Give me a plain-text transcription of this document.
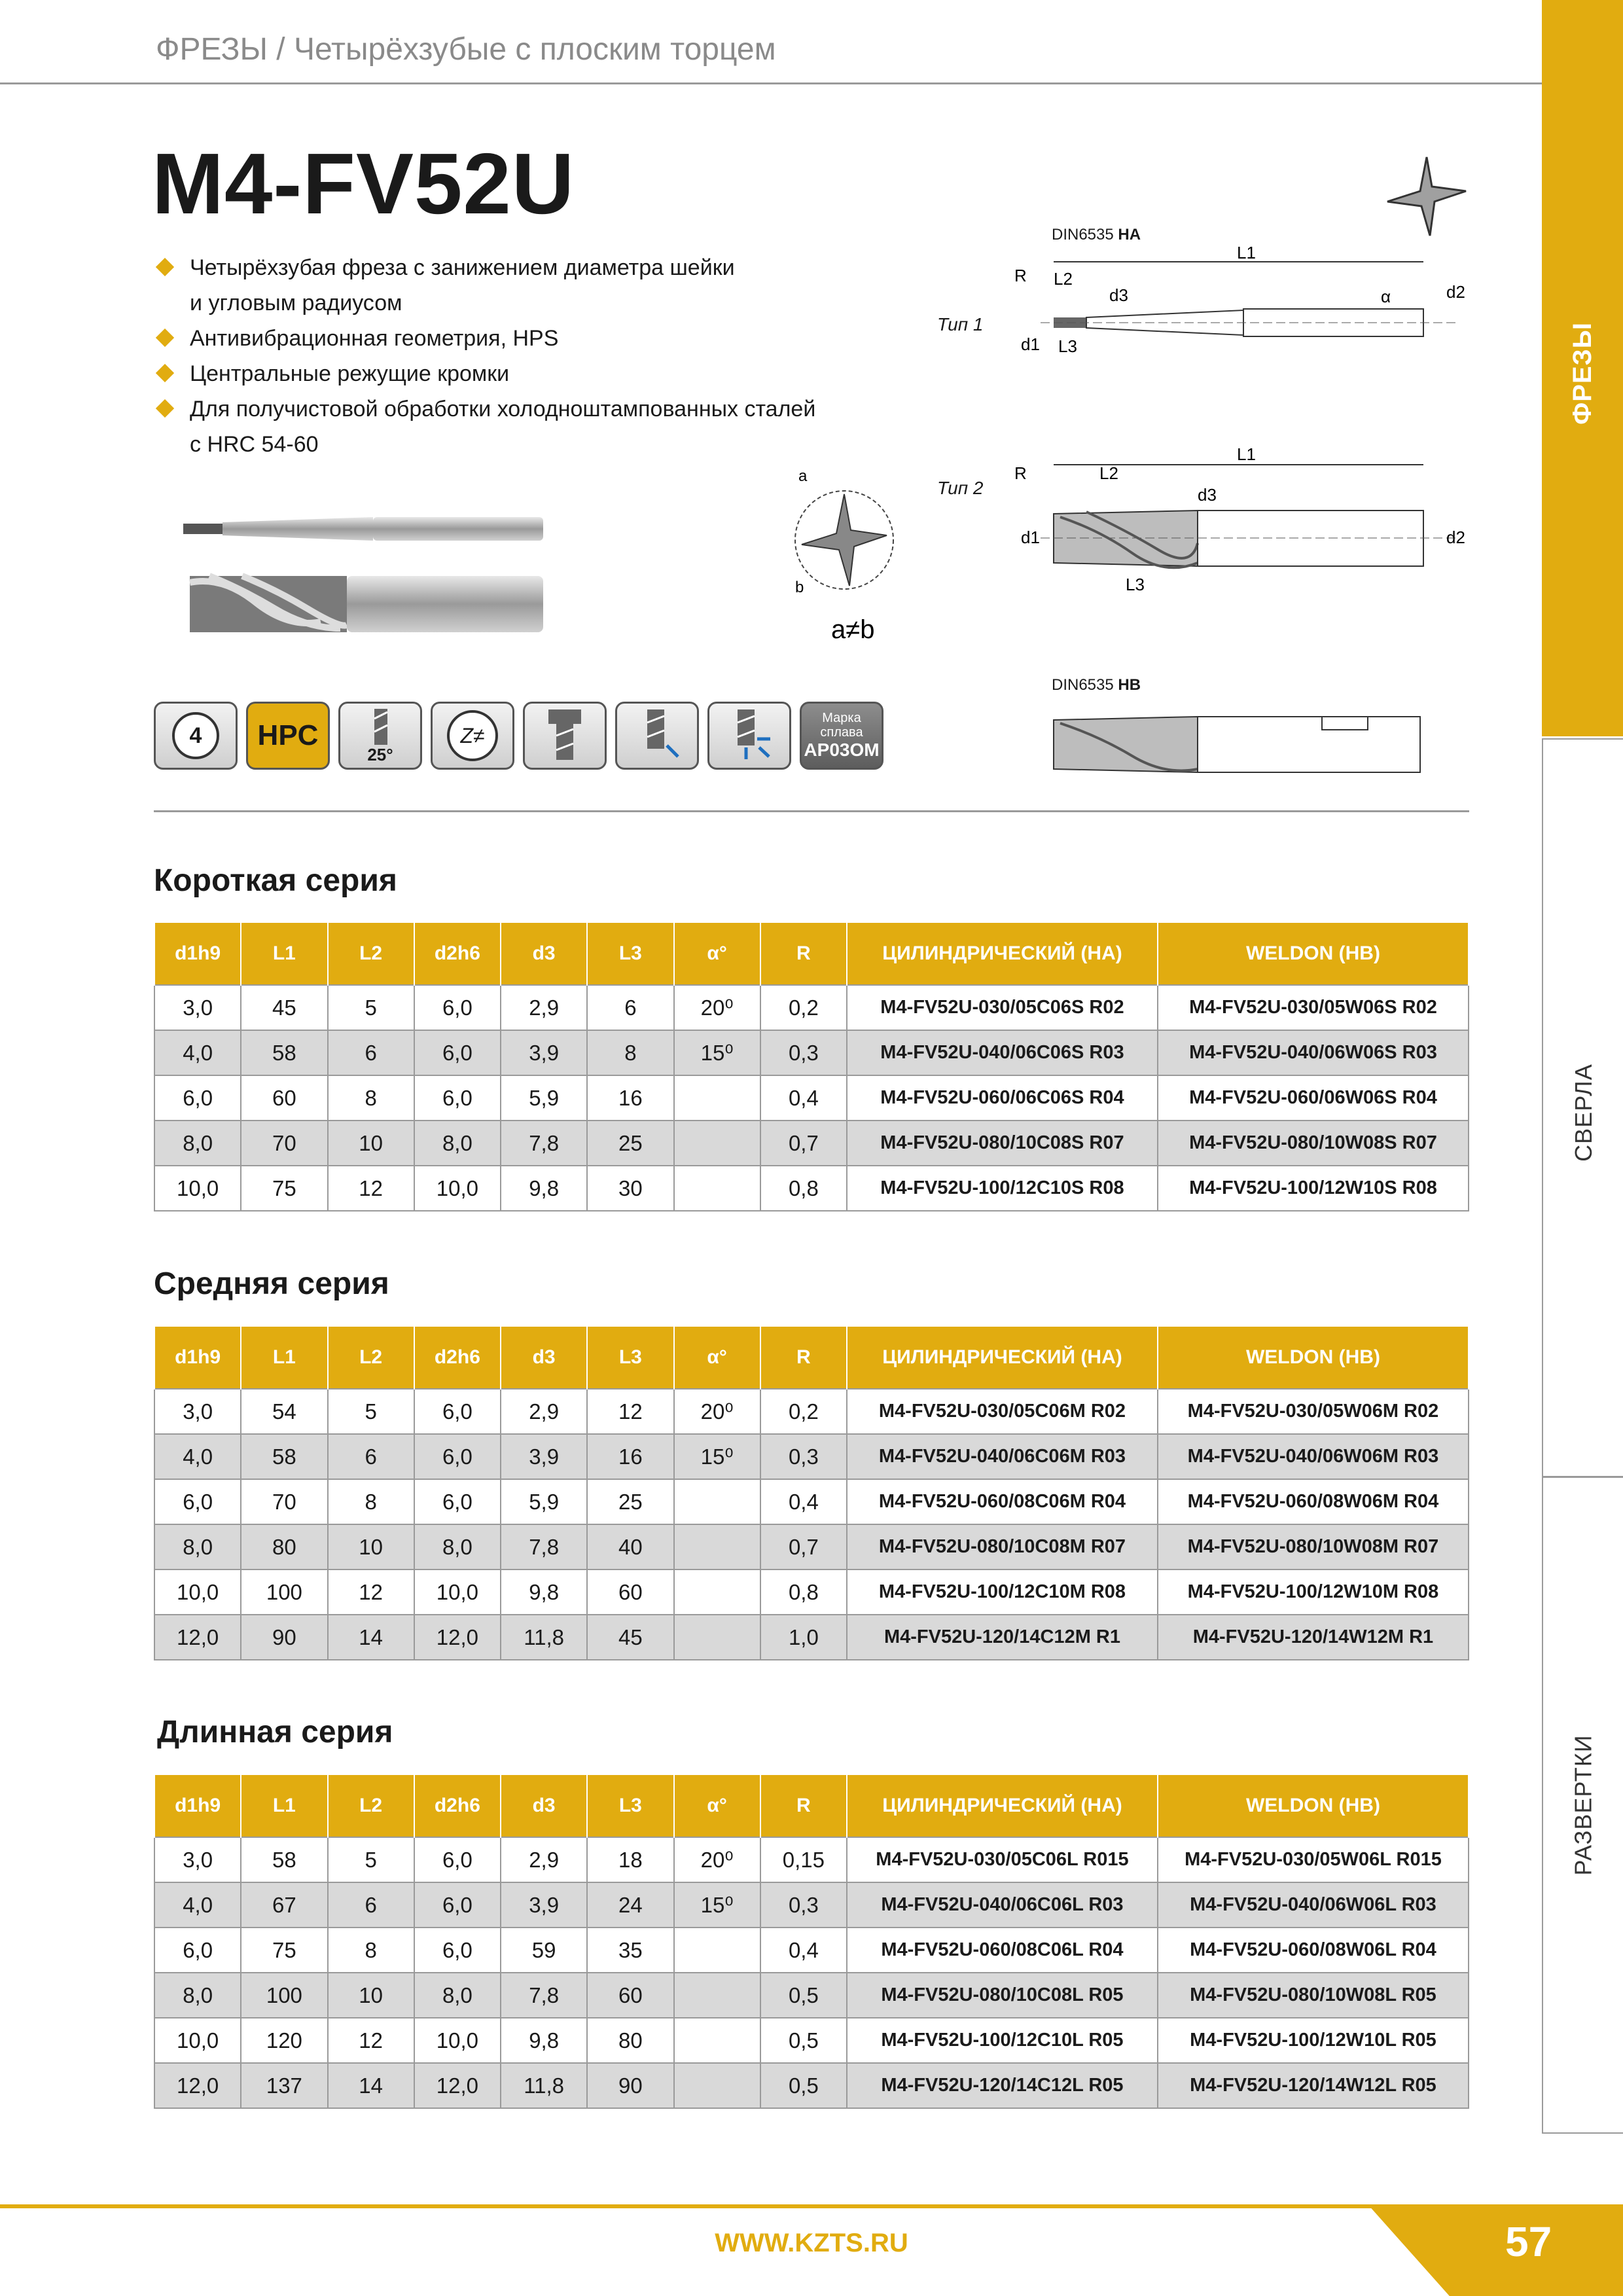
ФРЕЗЫ / Четырёхзубые с плоским торцем
ФРЕЗЫ
СВЕРЛА
РАЗВЕРТКИ
M4-FV52U
Четырёхзубая фреза с занижением диаметра шейки
и угловым радиусом
Антивибрационная геометрия, HPS
Центральные режущие кромки
Для получистовой обработки холодноштампованных сталей
с HRC 54-60
a
b
a≠b
DIN6535 HA
Тип 1
L1
L2
d3
R
α
L3
d1
d2
Тип 2
L1
L2
R
L3
d1
d3
d2
DIN6535 HB
4	HPC
25°
Z≠
Марка
сплава
AP03OM
Короткая серия
d1h9	L1	L2	d2h6	d3	L3	α°	R	ЦИЛИНДРИЧЕСКИЙ (HA)	WELDON (HB)
3,0	45	5	6,0	2,9	6	20⁰	0,2	M4-FV52U-030/05C06S R02	M4-FV52U-030/05W06S R02
4,0	58	6	6,0	3,9	8	15⁰	0,3	M4-FV52U-040/06C06S R03	M4-FV52U-040/06W06S R03
6,0	60	8	6,0	5,9	16		0,4	M4-FV52U-060/06C06S R04	M4-FV52U-060/06W06S R04
8,0	70	10	8,0	7,8	25		0,7	M4-FV52U-080/10C08S R07	M4-FV52U-080/10W08S R07
10,0	75	12	10,0	9,8	30		0,8	M4-FV52U-100/12C10S R08	M4-FV52U-100/12W10S R08
Средняя серия
d1h9	L1	L2	d2h6	d3	L3	α°	R	ЦИЛИНДРИЧЕСКИЙ (HA)	WELDON (HB)
3,0	54	5	6,0	2,9	12	20⁰	0,2	M4-FV52U-030/05C06M R02	M4-FV52U-030/05W06M R02
4,0	58	6	6,0	3,9	16	15⁰	0,3	M4-FV52U-040/06C06M R03	M4-FV52U-040/06W06M R03
6,0	70	8	6,0	5,9	25		0,4	M4-FV52U-060/08C06M R04	M4-FV52U-060/08W06M R04
8,0	80	10	8,0	7,8	40		0,7	M4-FV52U-080/10C08M R07	M4-FV52U-080/10W08M R07
10,0	100	12	10,0	9,8	60		0,8	M4-FV52U-100/12C10M R08	M4-FV52U-100/12W10M R08
12,0	90	14	12,0	11,8	45		1,0	M4-FV52U-120/14C12M R1	M4-FV52U-120/14W12M R1
Длинная серия
d1h9	L1	L2	d2h6	d3	L3	α°	R	ЦИЛИНДРИЧЕСКИЙ (HA)	WELDON (HB)
3,0	58	5	6,0	2,9	18	20⁰	0,15	M4-FV52U-030/05C06L R015	M4-FV52U-030/05W06L R015
4,0	67	6	6,0	3,9	24	15⁰	0,3	M4-FV52U-040/06C06L R03	M4-FV52U-040/06W06L R03
6,0	75	8	6,0	59	35		0,4	M4-FV52U-060/08C06L R04	M4-FV52U-060/08W06L R04
8,0	100	10	8,0	7,8	60		0,5	M4-FV52U-080/10C08L R05	M4-FV52U-080/10W08L R05
10,0	120	12	10,0	9,8	80		0,5	M4-FV52U-100/12C10L R05	M4-FV52U-100/12W10L R05
12,0	137	14	12,0	11,8	90		0,5	M4-FV52U-120/14C12L R05	M4-FV52U-120/14W12L R05
WWW.KZTS.RU	57
